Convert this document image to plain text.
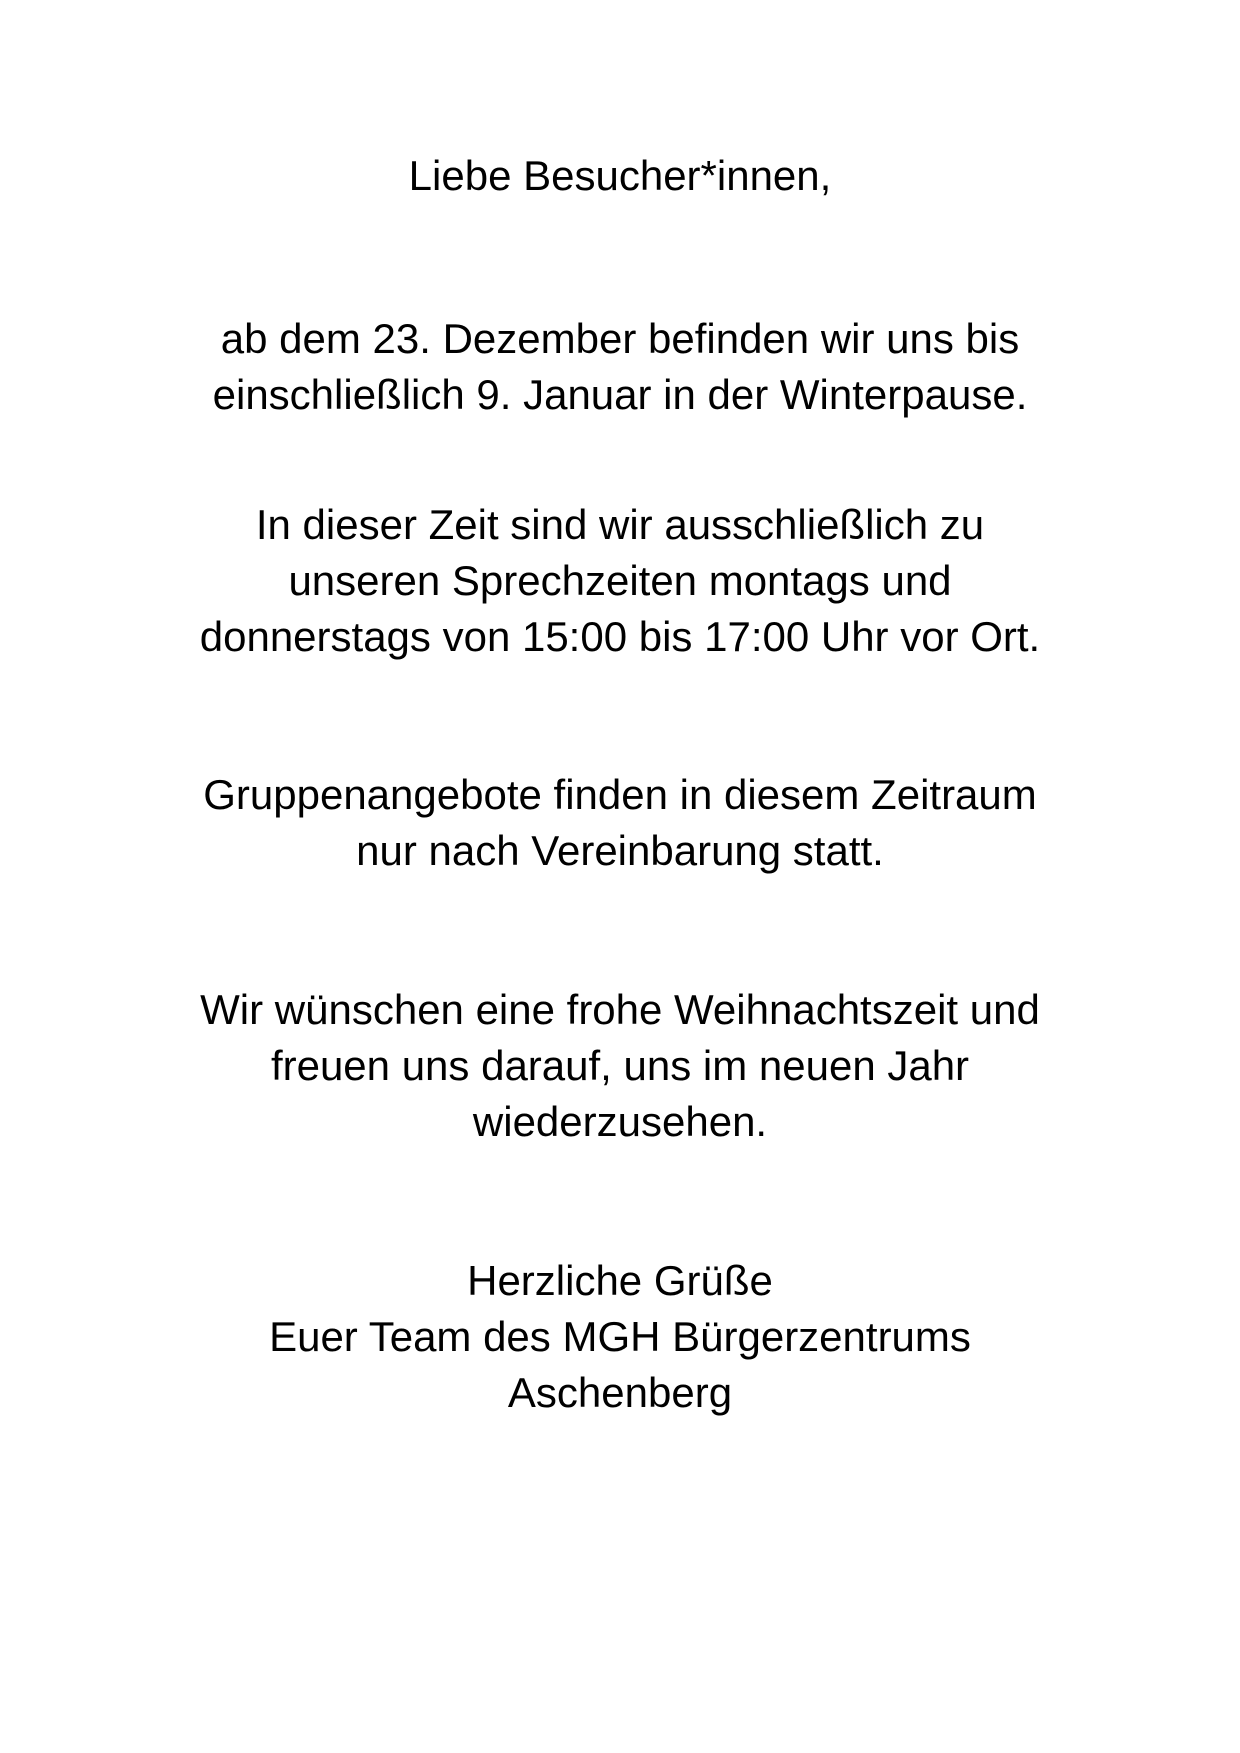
Liebe Besucher*innen,
ab dem 23. Dezember befinden wir uns bis
einschließlich 9. Januar in der Winterpause.
In dieser Zeit sind wir ausschließlich zu
unseren Sprechzeiten montags und
donnerstags von 15:00 bis 17:00 Uhr vor Ort.
Gruppenangebote finden in diesem Zeitraum
nur nach Vereinbarung statt.
Wir wünschen eine frohe Weihnachtszeit und
freuen uns darauf, uns im neuen Jahr
wiederzusehen.
Herzliche Grüße
Euer Team des MGH Bürgerzentrums
Aschenberg
